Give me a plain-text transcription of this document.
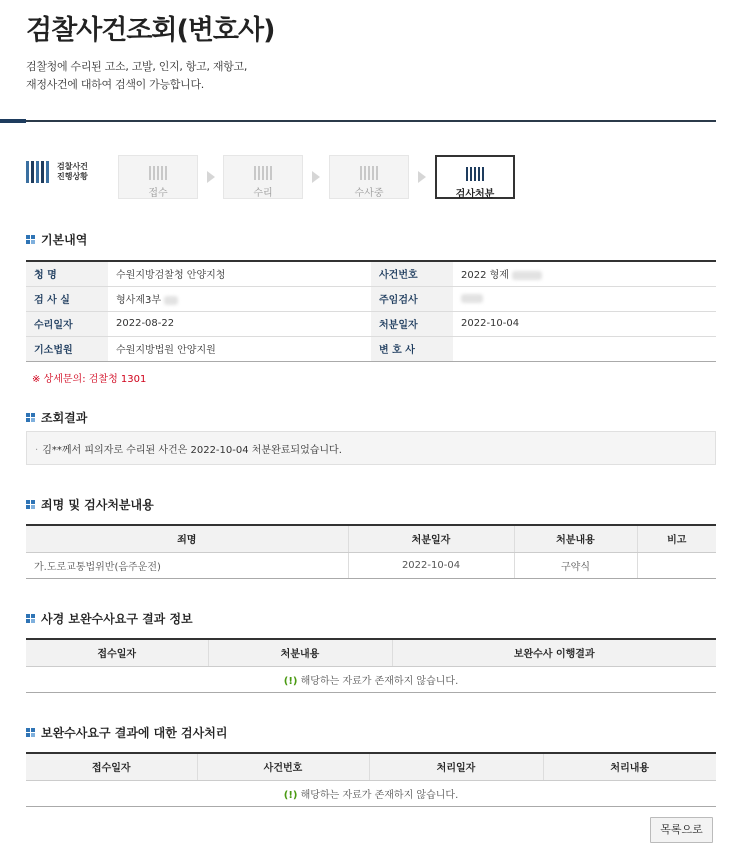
검찰사건조회(변호사)
검찰청에 수리된 고소, 고발, 인지, 항고, 재항고,
재정사건에 대하여 검색이 가능합니다.
검찰사건
진행상황
접수	수리	수사중	검사처분
기본내역
청 명	수원지방검찰청 안양지청	사건번호	2022 형제
검 사 실	형사제3부	주임검사	
수리일자	2022-08-22	처분일자	2022-10-04
기소법원	수원지방법원 안양지원	변 호 사	
※ 상세문의: 검찰청 1301
조회결과
· 김**께서 피의자로 수리된 사건은 2022-10-04 처분완료되었습니다.
죄명 및 검사처분내용
죄명	처분일자	처분내용	비고
가.도로교통법위반(음주운전)	2022-10-04	구약식	
사경 보완수사요구 결과 정보
접수일자	처분내용	보완수사 이행결과
(!) 해당하는 자료가 존재하지 않습니다.
보완수사요구 결과에 대한 검사처리
접수일자	사건번호	처리일자	처리내용
(!) 해당하는 자료가 존재하지 않습니다.
목록으로
